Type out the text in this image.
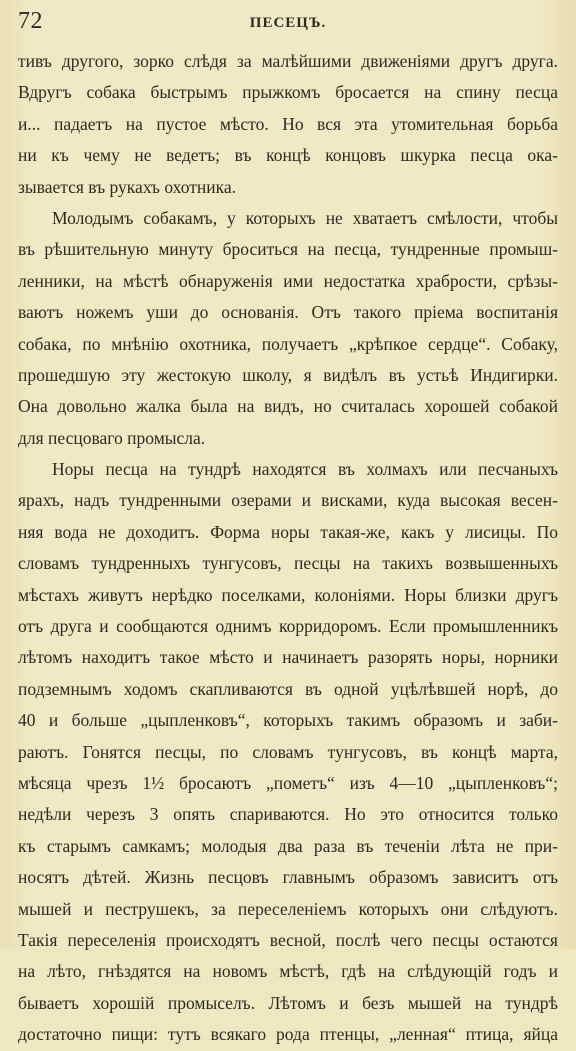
72	ПЕСЕЦЪ.
тивъ другого, зорко слѣдя за малѣйшими движеніями другъ друга.
Вдругъ собака быстрымъ прыжкомъ бросается на спину песца
и... падаетъ на пустое мѣсто. Но вся эта утомительная борьба
ни къ чему не ведетъ; въ концѣ концовъ шкурка песца ока-
зывается въ рукахъ охотника.
Молодымъ собакамъ, у которыхъ не хватаетъ смѣлости, чтобы
въ рѣшительную минуту броситься на песца, тундренные промыш-
ленники, на мѣстѣ обнаруженія ими недостатка храбрости, срѣзы-
ваютъ ножемъ уши до основанія. Отъ такого пріема воспитанія
собака, по мнѣнію охотника, получаетъ „крѣпкое сердце“. Собаку,
прошедшую эту жестокую школу, я видѣлъ въ устьѣ Индигирки.
Она довольно жалка была на видъ, но считалась хорошей собакой
для песцоваго промысла.
Норы песца на тундрѣ находятся въ холмахъ или песчаныхъ
ярахъ, надъ тундренными озерами и висками, куда высокая весен-
няя вода не доходитъ. Форма норы такая-же, какъ у лисицы. По
словамъ тундренныхъ тунгусовъ, песцы на такихъ возвышенныхъ
мѣстахъ живутъ нерѣдко поселками, колоніями. Норы близки другъ
отъ друга и сообщаются однимъ корридоромъ. Если промышленникъ
лѣтомъ находитъ такое мѣсто и начинаетъ разорять норы, норники
подземнымъ ходомъ скапливаются въ одной уцѣлѣвшей норѣ, до
40 и больше „цыпленковъ“, которыхъ такимъ образомъ и заби-
раютъ. Гонятся песцы, по словамъ тунгусовъ, въ концѣ марта,
мѣсяца чрезъ 1½ бросаютъ „пометъ“ изъ 4—10 „цыпленковъ“;
недѣли черезъ 3 опять спариваются. Но это относится только
къ старымъ самкамъ; молодыя два раза въ теченіи лѣта не при-
носятъ дѣтей. Жизнь песцовъ главнымъ образомъ зависитъ отъ
мышей и пеструшекъ, за переселеніемъ которыхъ они слѣдуютъ.
Такія переселенія происходятъ весной, послѣ чего песцы остаются
на лѣто, гнѣздятся на новомъ мѣстѣ, гдѣ на слѣдующій годъ и
бываетъ хорошій промыселъ. Лѣтомъ и безъ мышей на тундрѣ
достаточно пищи: тутъ всякаго рода птенцы, „ленная“ птица, яйца
